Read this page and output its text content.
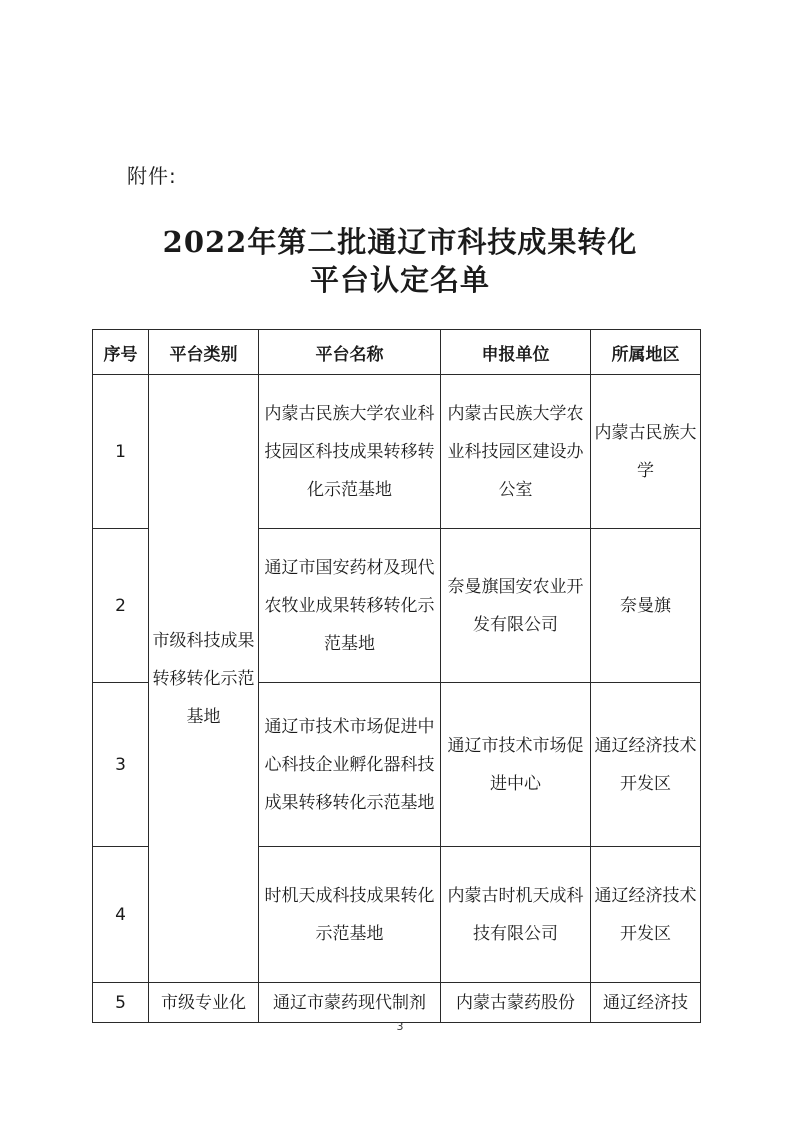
附件:
2022年第二批通辽市科技成果转化
平台认定名单
序号	平台类别	平台名称	申报单位	所属地区
1	市级科技成果转移转化示范基地	内蒙古民族大学农业科技园区科技成果转移转化示范基地	内蒙古民族大学农业科技园区建设办公室	内蒙古民族大学
2		通辽市国安药材及现代农牧业成果转移转化示范基地	奈曼旗国安农业开发有限公司	奈曼旗
3		通辽市技术市场促进中心科技企业孵化器科技成果转移转化示范基地	通辽市技术市场促进中心	通辽经济技术开发区
4		时机天成科技成果转化示范基地	内蒙古时机天成科技有限公司	通辽经济技术开发区
5	市级专业化	通辽市蒙药现代制剂	内蒙古蒙药股份	通辽经济技
3
